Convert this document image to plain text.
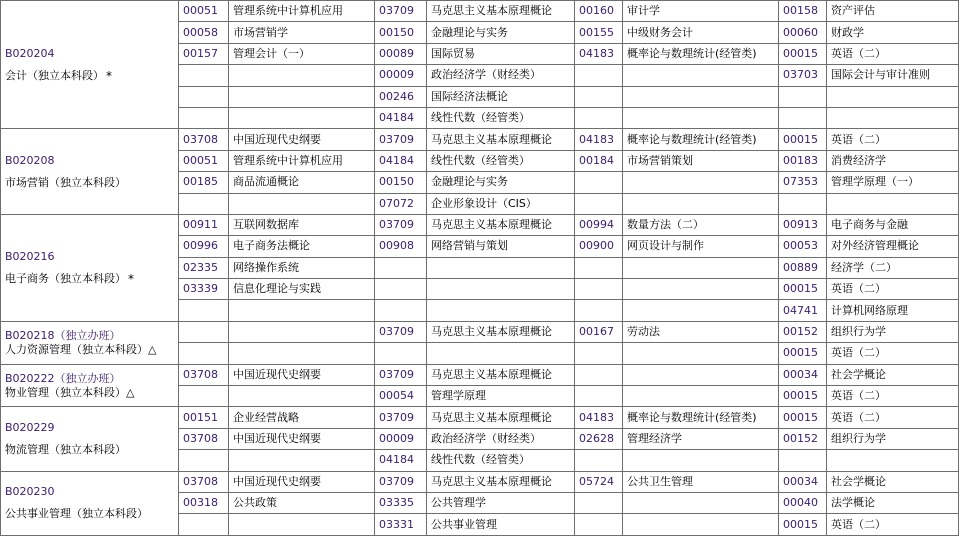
B020204
会计（独立本科段） *	00051	管理系统中计算机应用	03709	马克思主义基本原理概论	00160	审计学	00158	资产评估
	00058	市场营销学	00150	金融理论与实务	00155	中级财务会计	00060	财政学
	00157	管理会计（一）	00089	国际贸易	04183	概率论与数理统计(经管类)	00015	英语（二）
			00009	政治经济学（财经类）			03703	国际会计与审计准则
			00246	国际经济法概论				
			04184	线性代数（经管类）				

B020208
市场营销（独立本科段）	03708	中国近现代史纲要	03709	马克思主义基本原理概论	04183	概率论与数理统计(经管类)	00015	英语（二）
	00051	管理系统中计算机应用	04184	线性代数（经管类）	00184	市场营销策划	00183	消费经济学
	00185	商品流通概论	00150	金融理论与实务			07353	管理学原理（一）
			07072	企业形象设计（CIS）				

B020216
电子商务（独立本科段） *	00911	互联网数据库	03709	马克思主义基本原理概论	00994	数量方法（二）	00913	电子商务与金融
	00996	电子商务法概论	00908	网络营销与策划	00900	网页设计与制作	00053	对外经济管理概论
	02335	网络操作系统					00889	经济学（二）
	03339	信息化理论与实践					00015	英语（二）
							04741	计算机网络原理

B020218（独立办班）
人力资源管理（独立本科段）△			03709	马克思主义基本原理概论	00167	劳动法	00152	组织行为学
							00015	英语（二）

B020222（独立办班）
物业管理（独立本科段）△	03708	中国近现代史纲要	03709	马克思主义基本原理概论			00034	社会学概论
			00054	管理学原理			00015	英语（二）

B020229
物流管理（独立本科段）	00151	企业经营战略	03709	马克思主义基本原理概论	04183	概率论与数理统计(经管类)	00015	英语（二）
	03708	中国近现代史纲要	00009	政治经济学（财经类）	02628	管理经济学	00152	组织行为学
			04184	线性代数（经管类）				

B020230
公共事业管理（独立本科段）	03708	中国近现代史纲要	03709	马克思主义基本原理概论	05724	公共卫生管理	00034	社会学概论
	00318	公共政策	03335	公共管理学			00040	法学概论
			03331	公共事业管理			00015	英语（二）
